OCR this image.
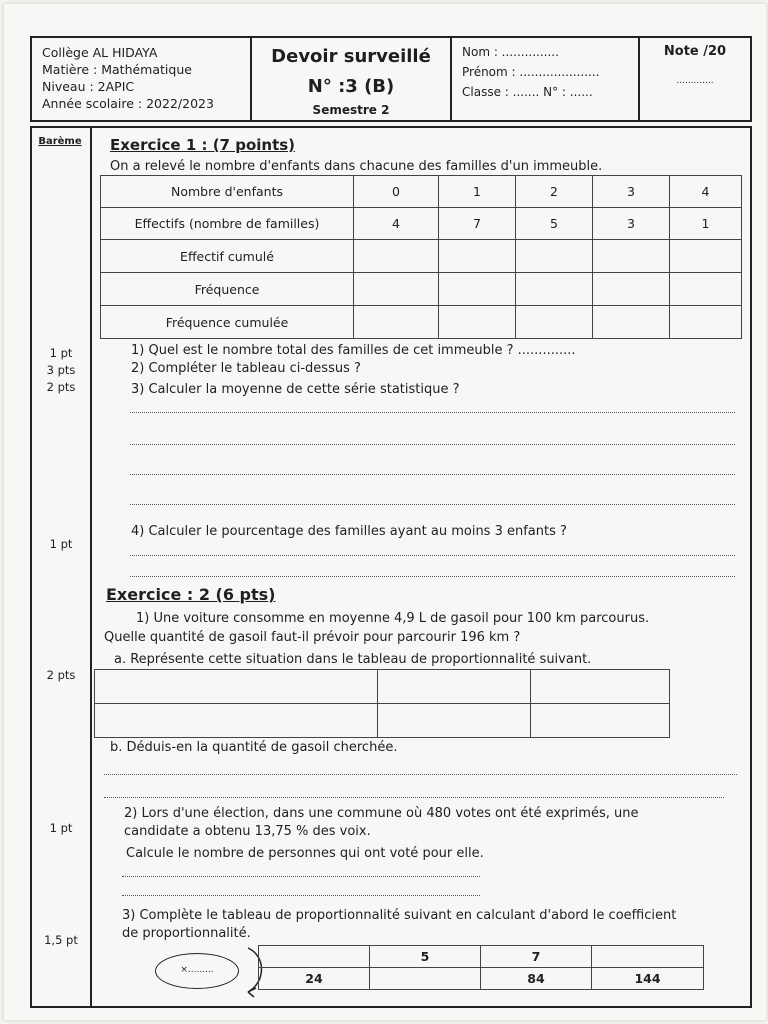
Collège AL HIDAYA
Matière : Mathématique
Niveau : 2APIC
Année scolaire : 2022/2023
Devoir surveillé
N° :3 (B)
Semestre 2
Nom : ...............
Prénom : .....................
Classe : ....... N° : ......
Note /20
.............
Barème
1 pt
3 pts
2 pts
1 pt
2 pts
1 pt
1,5 pt
Exercice 1 : (7 points)
On a relevé le nombre d'enfants dans chacune des familles d'un immeuble.
Nombre d'enfants	0	1	2	3	4
Effectifs (nombre de familles)	4	7	5	3	1
Effectif cumulé					
Fréquence					
Fréquence cumulée					
1) Quel est le nombre total des familles de cet immeuble ? ..............
2) Compléter le tableau ci-dessus ?
3) Calculer la moyenne de cette série statistique ?
4) Calculer le pourcentage des familles ayant au moins 3 enfants ?
Exercice : 2 (6 pts)
1) Une voiture consomme en moyenne 4,9 L de gasoil pour 100 km parcourus.
Quelle quantité de gasoil faut-il prévoir pour parcourir 196 km ?
a. Représente cette situation dans le tableau de proportionnalité suivant.

b. Déduis-en la quantité de gasoil cherchée.
2) Lors d'une élection, dans une commune où 480 votes ont été exprimés, une
candidate a obtenu 13,75 % des voix.
Calcule le nombre de personnes qui ont voté pour elle.
3) Complète le tableau de proportionnalité suivant en calculant d'abord le coefficient
de proportionnalité.
×.........
	5	7	
24		84	144
